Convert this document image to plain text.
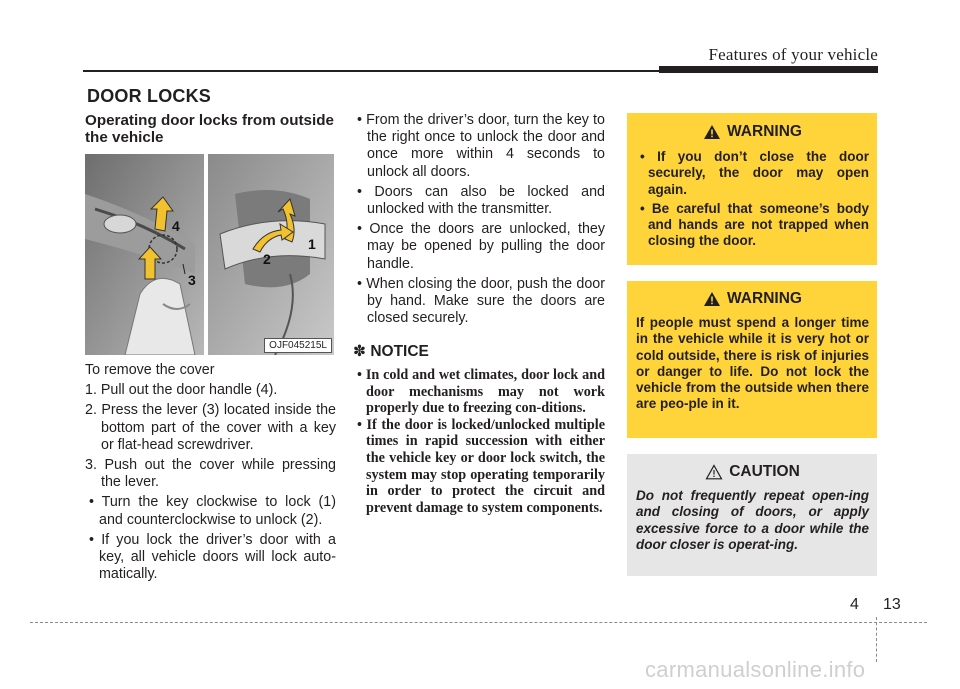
Features of your vehicle
DOOR LOCKS
Operating door locks from outside the vehicle
3
4
1
2
OJF045215L
To remove the cover
1. Pull out the door handle (4).
2. Press the lever (3) located inside the bottom part of the cover with a key or flat-head screwdriver.
3. Push out the cover while pressing the lever.
• Turn the key clockwise to lock (1) and counterclockwise to unlock (2).
• If you lock the driver’s door with a key, all vehicle doors will lock auto-matically.
• From the driver’s door, turn the key to the right once to unlock the door and once more within 4 seconds to unlock all doors.
• Doors can also be locked and unlocked with the transmitter.
• Once the doors are unlocked, they may be opened by pulling the door handle.
• When closing the door, push the door by hand. Make sure the doors are closed securely.
✽ NOTICE
• In cold and wet climates, door lock and door mechanisms may not work properly due to freezing con-ditions.
• If the door is locked/unlocked multiple times in rapid succession with either the vehicle key or door lock switch, the system may stop operating temporarily in order to protect the circuit and prevent damage to system components.
WARNING
• If you don’t close the door securely, the door may open again.
• Be careful that someone’s body and hands are not trapped when closing the door.
WARNING
If people must spend a longer time in the vehicle while it is very hot or cold outside, there is risk of injuries or danger to life. Do not lock the vehicle from the outside when there are peo-ple in it.
CAUTION
Do not frequently repeat open-ing and closing of doors, or apply excessive force to a door while the door closer is operat-ing.
4 13
carmanualsonline.info
